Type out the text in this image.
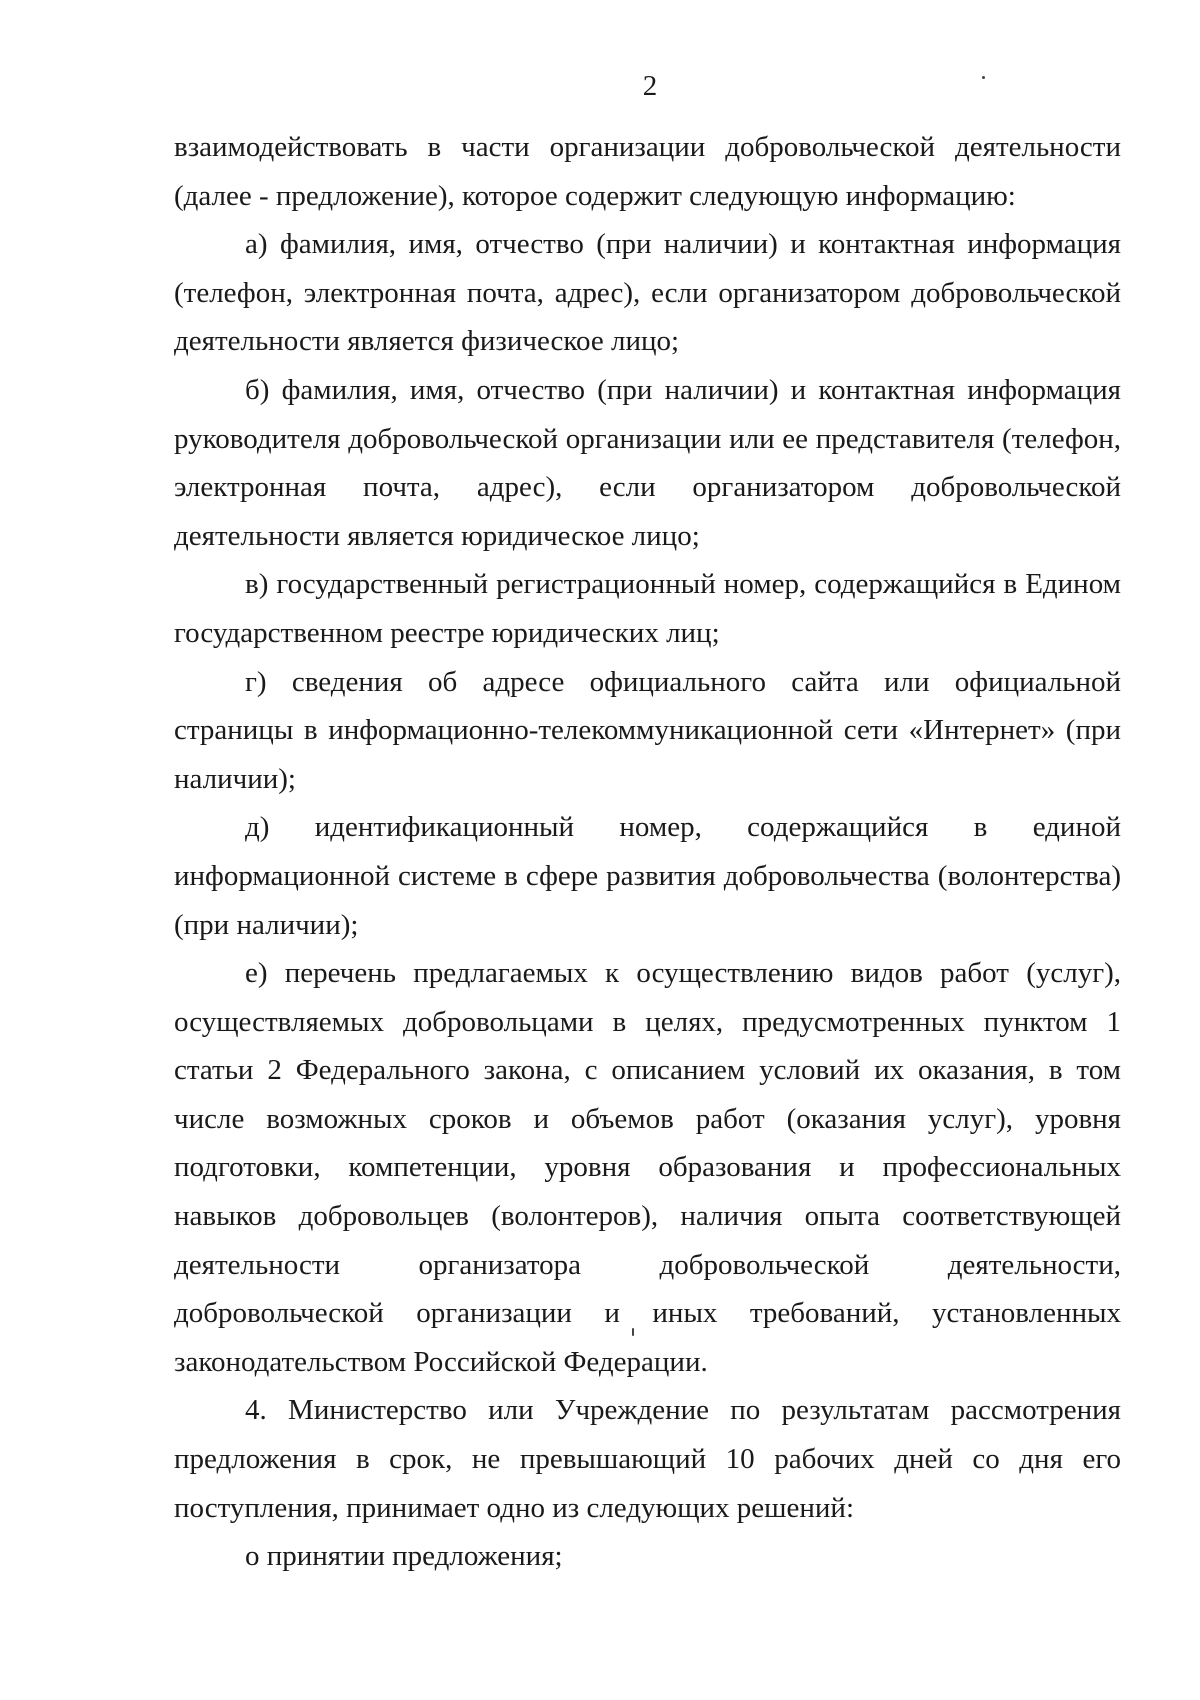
2

взаимодействовать в части организации добровольческой деятельности (далее - предложение), которое содержит следующую информацию:

а) фамилия, имя, отчество (при наличии) и контактная информация (телефон, электронная почта, адрес), если организатором добровольческой деятельности является физическое лицо;

б) фамилия, имя, отчество (при наличии) и контактная информация руководителя добровольческой организации или ее представителя (телефон, электронная почта, адрес), если организатором добровольческой деятельности является юридическое лицо;

в) государственный регистрационный номер, содержащийся в Едином государственном реестре юридических лиц;

г) сведения об адресе официального сайта или официальной страницы в информационно-телекоммуникационной сети «Интернет» (при наличии);

д) идентификационный номер, содержащийся в единой информационной системе в сфере развития добровольчества (волонтерства) (при наличии);

е) перечень предлагаемых к осуществлению видов работ (услуг), осуществляемых добровольцами в целях, предусмотренных пунктом 1 статьи 2 Федерального закона, с описанием условий их оказания, в том числе возможных сроков и объемов работ (оказания услуг), уровня подготовки, компетенции, уровня образования и профессиональных навыков добровольцев (волонтеров), наличия опыта соответствующей деятельности организатора добровольческой деятельности, добровольческой организации и иных требований, установленных законодательством Российской Федерации.

4. Министерство или Учреждение по результатам рассмотрения предложения в срок, не превышающий 10 рабочих дней со дня его поступления, принимает одно из следующих решений:

о принятии предложения;
